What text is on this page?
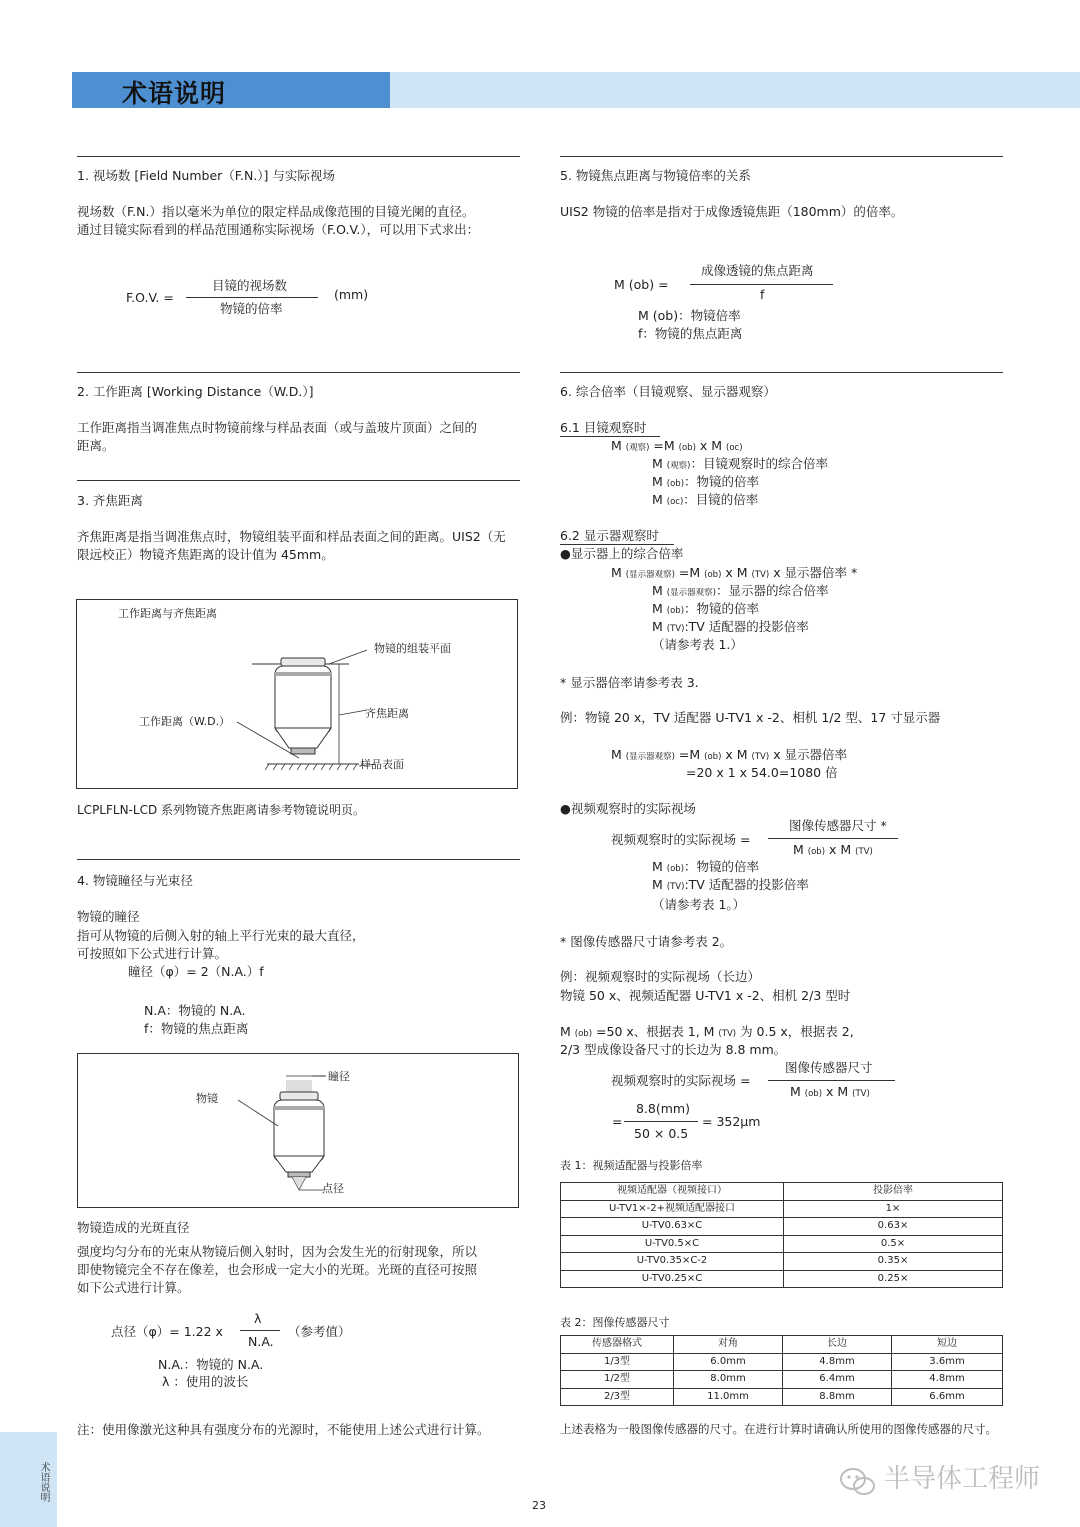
术语说明
1. 视场数 [Field Number（F.N.）] 与实际视场
视场数（F.N.）指以毫米为单位的限定样品成像范围的目镜光阑的直径。
通过目镜实际看到的样品范围通称实际视场（F.O.V.），可以用下式求出：
F.O.V. =
目镜的视场数
物镜的倍率
(mm)
2. 工作距离 [Working Distance（W.D.）]
工作距离指当调准焦点时物镜前缘与样品表面（或与盖玻片顶面）之间的
距离。
3. 齐焦距离
齐焦距离是指当调准焦点时，物镜组装平面和样品表面之间的距离。UIS2（无
限远校正）物镜齐焦距离的设计值为 45mm。
工作距离与齐焦距离
物镜的组装平面
齐焦距离
工作距离（W.D.）
样品表面
LCPLFLN-LCD 系列物镜齐焦距离请参考物镜说明页。
4. 物镜瞳径与光束径
物镜的瞳径
指可从物镜的后侧入射的轴上平行光束的最大直径，
可按照如下公式进行计算。
瞳径（φ）= 2（N.A.）f
N.A：物镜的 N.A.
f：物镜的焦点距离
瞳径
物镜
点径
物镜造成的光斑直径
强度均匀分布的光束从物镜后侧入射时，因为会发生光的衍射现象，所以
即使物镜完全不存在像差，也会形成一定大小的光斑。光斑的直径可按照
如下公式进行计算。
点径（φ）= 1.22 x
λ
N.A.
（参考值）
N.A.：物镜的 N.A.
λ ：使用的波长
注：使用像激光这种具有强度分布的光源时，不能使用上述公式进行计算。
5. 物镜焦点距离与物镜倍率的关系
UIS2 物镜的倍率是指对于成像透镜焦距（180mm）的倍率。
M (ob) =
成像透镜的焦点距离
f
M (ob)：物镜倍率
f：物镜的焦点距离
6. 综合倍率（目镜观察、显示器观察）
6.1 目镜观察时
M (观察) =M (ob) x M (oc)
M (观察)：目镜观察时的综合倍率
M (ob)：物镜的倍率
M (oc)：目镜的倍率
6.2 显示器观察时
●显示器上的综合倍率
M (显示器观察) =M (ob) x M (TV) x 显示器倍率 *
M (显示器观察)：显示器的综合倍率
M (ob)：物镜的倍率
M (TV):TV 适配器的投影倍率
（请参考表 1.）
* 显示器倍率请参考表 3.
例：物镜 20 x，TV 适配器 U-TV1 x -2、相机 1/2 型、17 寸显示器
M (显示器观察) =M (ob) x M (TV) x 显示器倍率
=20 x 1 x 54.0=1080 倍
●视频观察时的实际视场
视频观察时的实际视场 =
图像传感器尺寸 *
M (ob) x M (TV)
M (ob)：物镜的倍率
M (TV):TV 适配器的投影倍率
（请参考表 1。）
* 图像传感器尺寸请参考表 2。
例：视频观察时的实际视场（长边）
物镜 50 x、视频适配器 U-TV1 x -2、相机 2/3 型时
M (ob) =50 x、根据表 1, M (TV) 为 0.5 x，根据表 2,
2/3 型成像设备尺寸的长边为 8.8 mm。
视频观察时的实际视场 =
图像传感器尺寸
M (ob) x M (TV)
=
8.8(mm)
50 × 0.5
= 352μm
表 1：视频适配器与投影倍率
视频适配器（视频接口）	投影倍率
U-TV1×-2+视频适配器接口	1×
U-TV0.63×C	0.63×
U-TV0.5×C	0.5×
U-TV0.35×C-2	0.35×
U-TV0.25×C	0.25×
表 2：图像传感器尺寸
传感器格式	对角	长边	短边
1/3型	6.0mm	4.8mm	3.6mm
1/2型	8.0mm	6.4mm	4.8mm
2/3型	11.0mm	8.8mm	6.6mm
上述表格为一般图像传感器的尺寸。在进行计算时请确认所使用的图像传感器的尺寸。
术语说明
23
半导体工程师
